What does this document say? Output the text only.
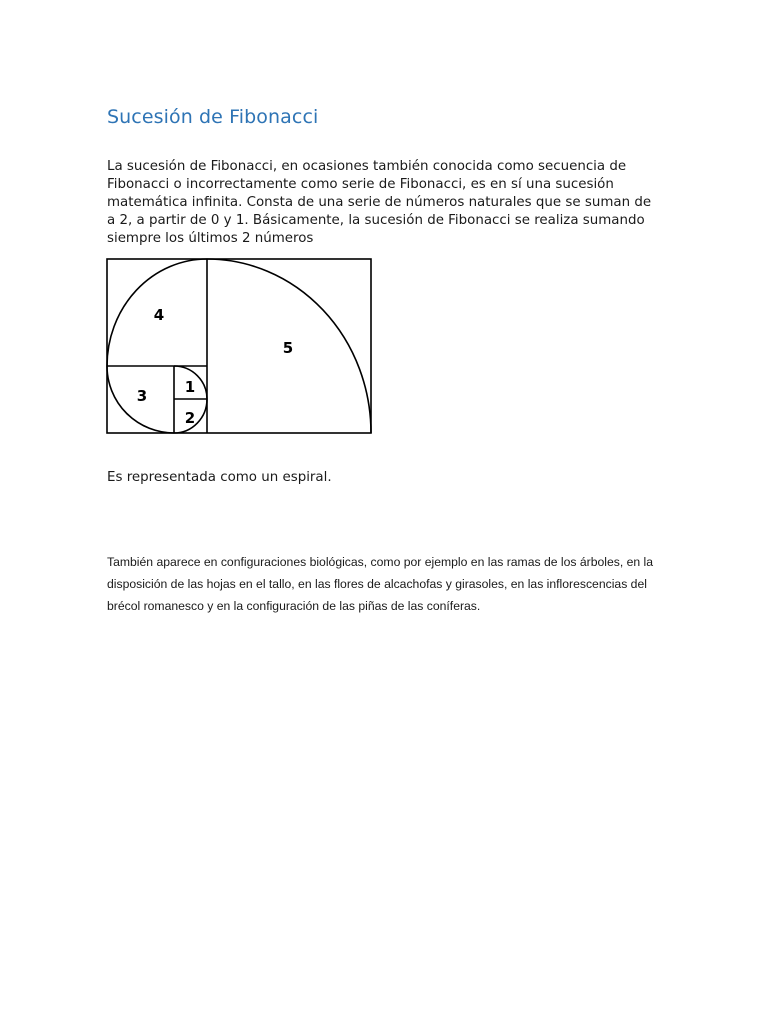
Sucesión de Fibonacci

La sucesión de Fibonacci, en ocasiones también conocida como secuencia de Fibonacci o incorrectamente como serie de Fibonacci, es en sí una sucesión matemática infinita. Consta de una serie de números naturales que se suman de a 2, a partir de 0 y 1. Básicamente, la sucesión de Fibonacci se realiza sumando siempre los últimos 2 números

1
2
3
4
5

Es representada como un espiral.

También aparece en configuraciones biológicas, como por ejemplo en las ramas de los árboles, en la disposición de las hojas en el tallo, en las flores de alcachofas y girasoles, en las inflorescencias del brécol romanesco y en la configuración de las piñas de las coníferas.
